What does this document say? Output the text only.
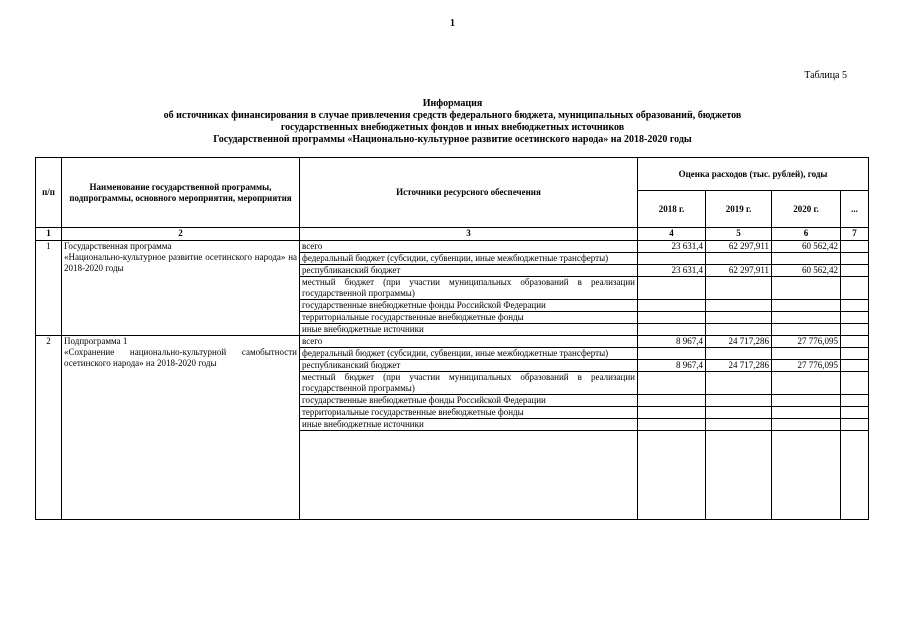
1
Таблица 5
Информация
об источниках финансирования в случае привлечения средств федерального бюджета, муниципальных образований, бюджетов
государственных внебюджетных фондов и иных внебюджетных источников
Государственной программы «Национально-культурное развитие осетинского народа» на 2018-2020 годы
п/п	Наименование государственной программы, подпрограммы, основного мероприятия, мероприятия	Источники ресурсного обеспечения	Оценка расходов (тыс. рублей), годы			
			2018 г.	2019 г.	2020 г.	...
1	2	3	4	5	6	7
1	Государственная программа
«Национально-культурное развитие осетинского народа» на 2018-2020 годы	всего	23 631,4	62 297,911	60 562,42	
		федеральный бюджет (субсидии, субвенции, иные межбюджетные трансферты)				
		республиканский бюджет	23 631,4	62 297,911	60 562,42	
		местный бюджет (при участии муниципальных образований в реализации государственной программы)				
		государственные внебюджетные фонды Российской Федерации				
		территориальные государственные внебюджетные фонды				
		иные внебюджетные источники				
2	Подпрограмма 1
«Сохранение национально-культурной самобытности осетинского народа» на 2018-2020 годы	всего	8 967,4	24 717,286	27 776,095	
		федеральный бюджет (субсидии, субвенции, иные межбюджетные трансферты)				
		республиканский бюджет	8 967,4	24 717,286	27 776,095	
		местный бюджет (при участии муниципальных образований в реализации государственной программы)				
		государственные внебюджетные фонды Российской Федерации				
		территориальные государственные внебюджетные фонды				
		иные внебюджетные источники				
